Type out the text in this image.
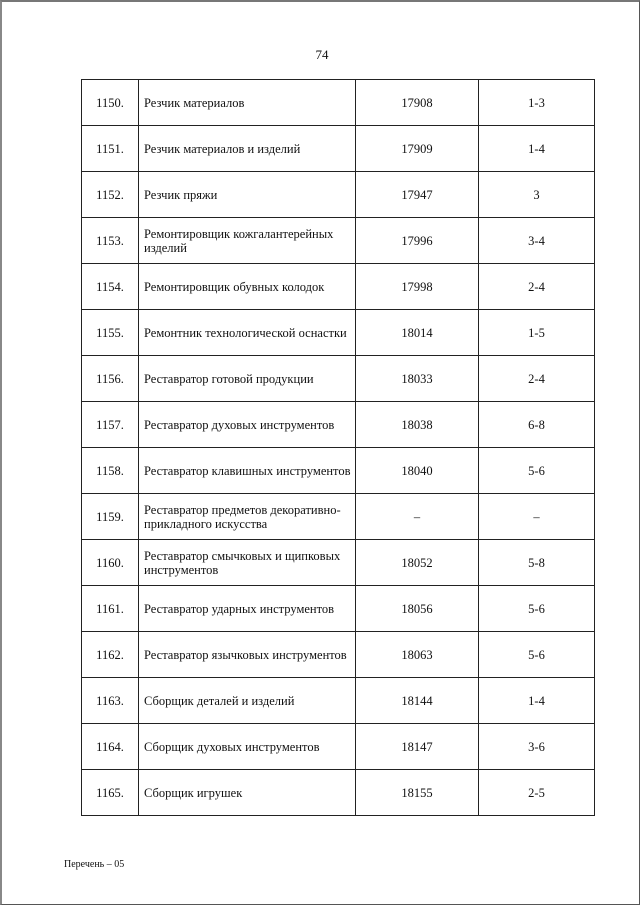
74
1150.	Резчик материалов	17908	1-3
1151.	Резчик материалов и изделий	17909	1-4
1152.	Резчик пряжи	17947	3
1153.	Ремонтировщик кожгалантерейных изделий	17996	3-4
1154.	Ремонтировщик обувных колодок	17998	2-4
1155.	Ремонтник технологической оснастки	18014	1-5
1156.	Реставратор готовой продукции	18033	2-4
1157.	Реставратор духовых инструментов	18038	6-8
1158.	Реставратор клавишных инструментов	18040	5-6
1159.	Реставратор предметов декоративно-прикладного искусства	–	–
1160.	Реставратор смычковых и щипковых инструментов	18052	5-8
1161.	Реставратор ударных инструментов	18056	5-6
1162.	Реставратор язычковых инструментов	18063	5-6
1163.	Сборщик деталей и изделий	18144	1-4
1164.	Сборщик духовых инструментов	18147	3-6
1165.	Сборщик игрушек	18155	2-5
Перечень – 05
